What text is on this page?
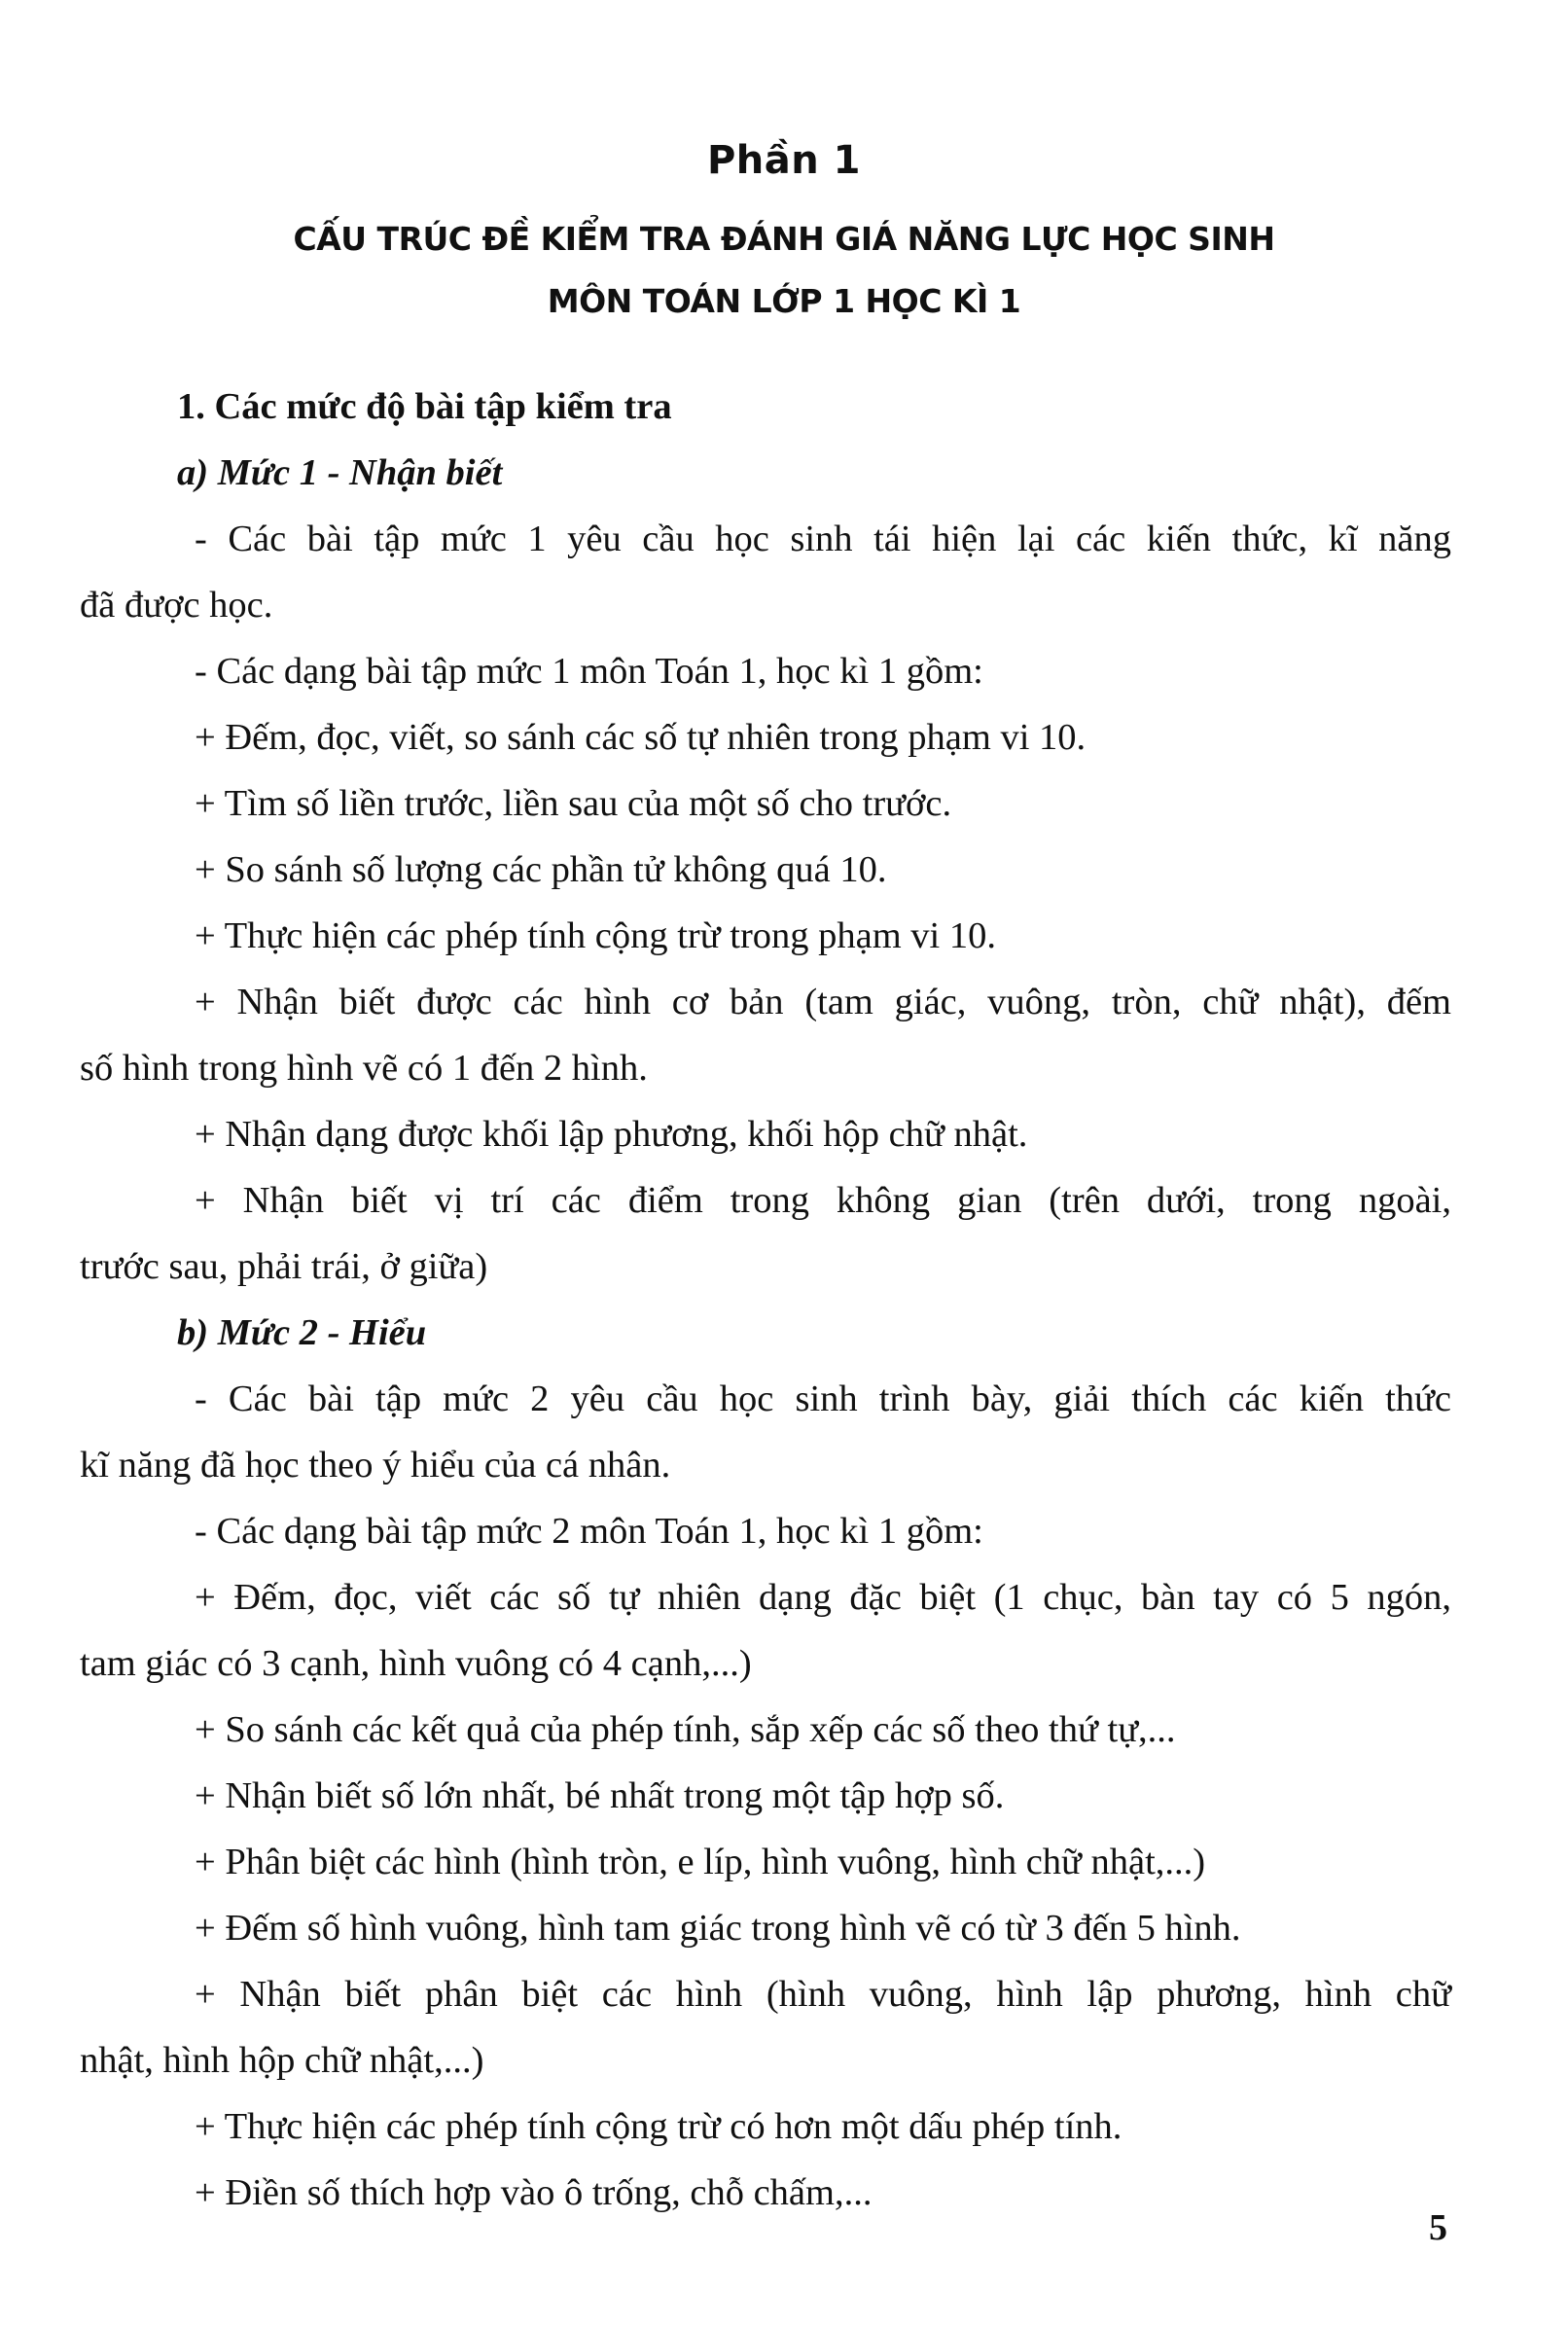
Phần 1
CẤU TRÚC ĐỀ KIỂM TRA ĐÁNH GIÁ NĂNG LỰC HỌC SINH
MÔN TOÁN LỚP 1 HỌC KÌ 1

1. Các mức độ bài tập kiểm tra

a) Mức 1 - Nhận biết

- Các bài tập mức 1 yêu cầu học sinh tái hiện lại các kiến thức, kĩ năng

đã được học.

- Các dạng bài tập mức 1 môn Toán 1, học kì 1 gồm:

+ Đếm, đọc, viết, so sánh các số tự nhiên trong phạm vi 10.

+ Tìm số liền trước, liền sau của một số cho trước.

+ So sánh số lượng các phần tử không quá 10.

+ Thực hiện các phép tính cộng trừ trong phạm vi 10.

+ Nhận biết được các hình cơ bản (tam giác, vuông, tròn, chữ nhật), đếm

số hình trong hình vẽ có 1 đến 2 hình.

+ Nhận dạng được khối lập phương, khối hộp chữ nhật.

+ Nhận biết vị trí các điểm trong không gian (trên dưới, trong ngoài,

trước sau, phải trái, ở giữa)

b) Mức 2 - Hiểu

- Các bài tập mức 2 yêu cầu học sinh trình bày, giải thích các kiến thức

kĩ năng đã học theo ý hiểu của cá nhân.

- Các dạng bài tập mức 2 môn Toán 1, học kì 1 gồm:

+ Đếm, đọc, viết các số tự nhiên dạng đặc biệt (1 chục, bàn tay có 5 ngón,

tam giác có 3 cạnh, hình vuông có 4 cạnh,...)

+ So sánh các kết quả của phép tính, sắp xếp các số theo thứ tự,...

+ Nhận biết số lớn nhất, bé nhất trong một tập hợp số.

+ Phân biệt các hình (hình tròn, e líp, hình vuông, hình chữ nhật,...)

+ Đếm số hình vuông, hình tam giác trong hình vẽ có từ 3 đến 5 hình.

+ Nhận biết phân biệt các hình (hình vuông, hình lập phương, hình chữ

nhật, hình hộp chữ nhật,...)

+ Thực hiện các phép tính cộng trừ có hơn một dấu phép tính.

+ Điền số thích hợp vào ô trống, chỗ chấm,...

5
